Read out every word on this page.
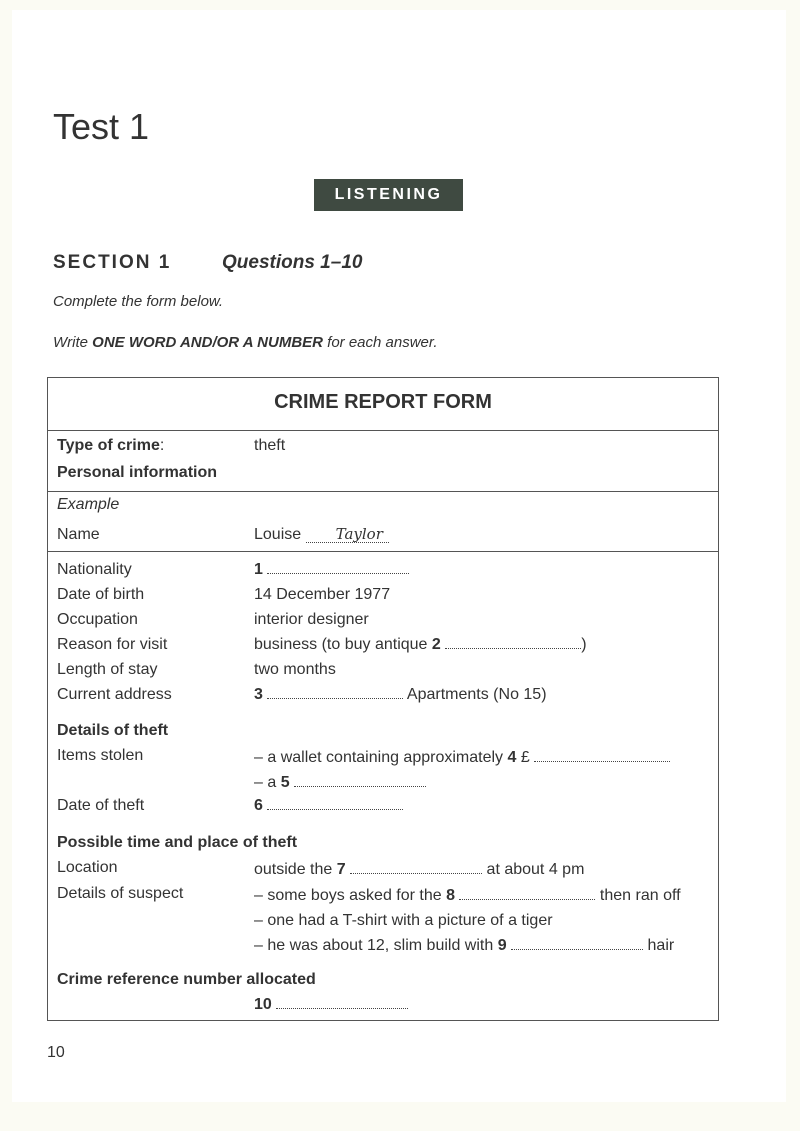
Test 1
LISTENING
SECTION 1	Questions 1–10
Complete the form below.
Write ONE WORD AND/OR A NUMBER for each answer.
CRIME REPORT FORM
Type of crime:	theft
Personal information
Example
Name	Louise Taylor
Nationality	1
Date of birth	14 December 1977
Occupation	interior designer
Reason for visit	business (to buy antique 2	)
Length of stay	two months
Current address	3	Apartments (No 15)
Details of theft
Items stolen	– a wallet containing approximately 4 £
– a 5
Date of theft	6
Possible time and place of theft
Location	outside the 7	at about 4 pm
Details of suspect	– some boys asked for the 8	then ran off
– one had a T-shirt with a picture of a tiger
– he was about 12, slim build with 9	hair
Crime reference number allocated
10
10
